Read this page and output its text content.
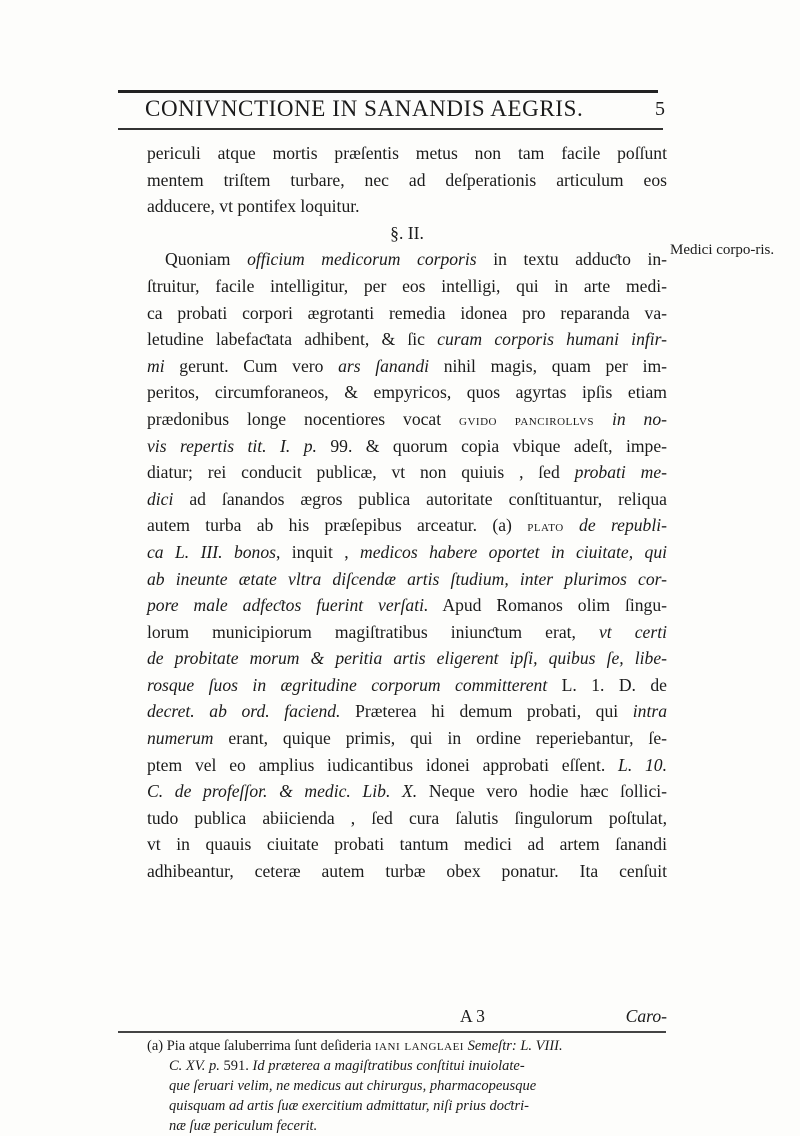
CONIVNCTIONE IN SANANDIS AEGRIS.	5
periculi atque mortis præſentis metus non tam facile poſſunt
mentem triſtem turbare, nec ad deſperationis articulum eos
adducere, vt pontifex loquitur.
§. II.
Quoniam officium medicorum corporis in textu adduƈto in-
ſtruitur, facile intelligitur, per eos intelligi, qui in arte medi-
ca probati corpori ægrotanti remedia idonea pro reparanda va-
letudine labefaƈtata adhibent, & ſic curam corporis humani infir-
mi gerunt. Cum vero ars ſanandi nihil magis, quam per im-
peritos, circumforaneos, & empyricos, quos agyrtas ipſis etiam
prædonibus longe nocentiores vocat gvido pancirollvs in no-
vis repertis tit. I. p. 99. & quorum copia vbique adeſt, impe-
diatur; rei conducit publicæ, vt non quiuis , ſed probati me-
dici ad ſanandos ægros publica autoritate conſtituantur, reliqua
autem turba ab his præſepibus arceatur. (a) plato de republi-
ca L. III. bonos, inquit , medicos habere oportet in ciuitate, qui
ab ineunte ætate vltra diſcendæ artis ſtudium, inter plurimos cor-
pore male adfeƈtos fuerint verſati. Apud Romanos olim ſingu-
lorum municipiorum magiſtratibus iniunƈtum erat, vt certi
de probitate morum & peritia artis eligerent ipſi, quibus ſe, libe-
rosque ſuos in ægritudine corporum committerent L. 1. D. de
decret. ab ord. faciend. Præterea hi demum probati, qui intra
numerum erant, quique primis, qui in ordine reperiebantur, ſe-
ptem vel eo amplius iudicantibus idonei approbati eſſent. L. 10.
C. de profeſſor. & medic. Lib. X. Neque vero hodie hæc ſollici-
tudo publica abiicienda , ſed cura ſalutis ſingulorum poſtulat,
vt in quauis ciuitate probati tantum medici ad artem ſanandi
adhibeantur, ceteræ autem turbæ obex ponatur. Ita cenſuit
Medici corpo-ris.
A 3	Caro-
(a) Pia atque ſaluberrima ſunt deſideria iani langlaei Semeſtr: L. VIII.
C. XV. p. 591. Id præterea a magiſtratibus conſtitui inuiolate-
que ſeruari velim, ne medicus aut chirurgus, pharmacopeusque
quisquam ad artis ſuæ exercitium admittatur, niſi prius doƈtri-
næ ſuæ periculum fecerit.
